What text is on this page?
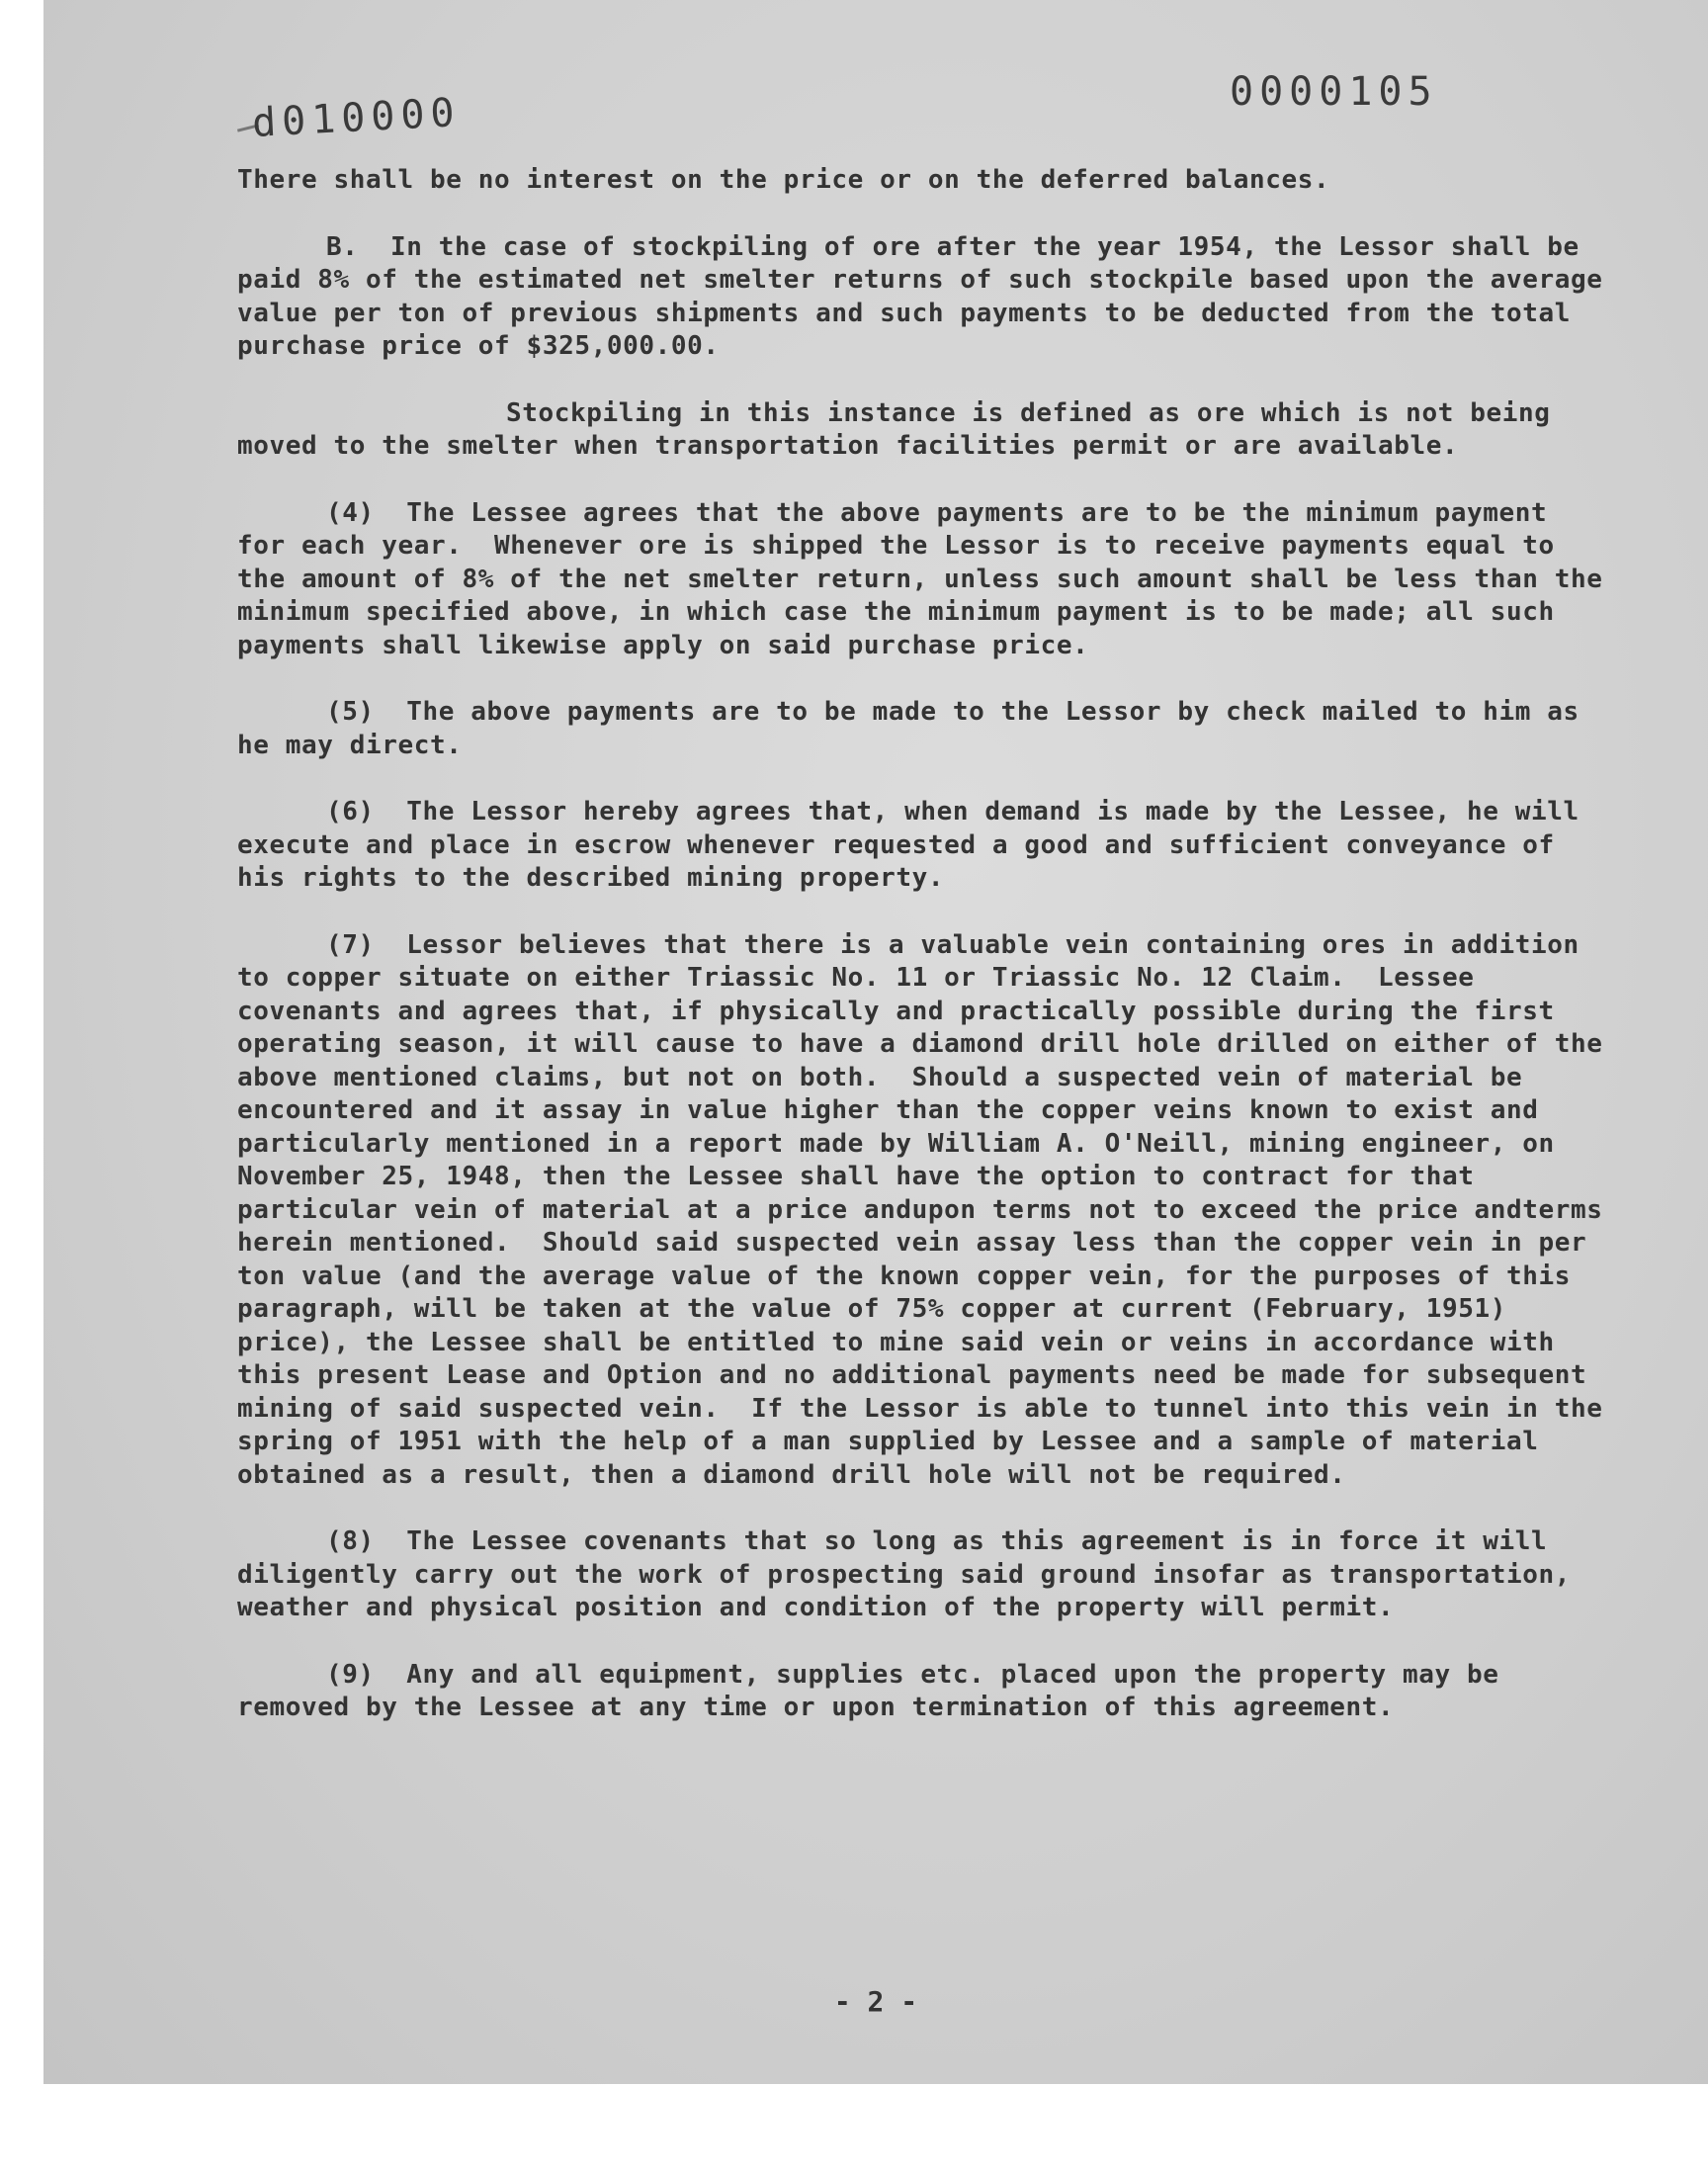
0000105
d010000

There shall be no interest on the price or on the deferred balances.

B.  In the case of stockpiling of ore after the year 1954, the Lessor shall be paid 8% of the estimated net smelter returns of such stockpile based upon the average value per ton of previous shipments and such payments to be deducted from the total purchase price of $325,000.00.

Stockpiling in this instance is defined as ore which is not being moved to the smelter when transportation facilities permit or are available.

(4)  The Lessee agrees that the above payments are to be the minimum payment for each year.  Whenever ore is shipped the Lessor is to receive payments equal to the amount of 8% of the net smelter return, unless such amount shall be less than the minimum specified above, in which case the minimum payment is to be made; all such payments shall likewise apply on said purchase price.

(5)  The above payments are to be made to the Lessor by check mailed to him as he may direct.

(6)  The Lessor hereby agrees that, when demand is made by the Lessee, he will execute and place in escrow whenever requested a good and sufficient conveyance of his rights to the described mining property.

(7)  Lessor believes that there is a valuable vein containing ores in addition to copper situate on either Triassic No. 11 or Triassic No. 12 Claim.  Lessee covenants and agrees that, if physically and practically possible during the first operating season, it will cause to have a diamond drill hole drilled on either of the above mentioned claims, but not on both.  Should a suspected vein of material be encountered and it assay in value higher than the copper veins known to exist and particularly mentioned in a report made by William A. O'Neill, mining engineer, on November 25, 1948, then the Lessee shall have the option to contract for that particular vein of material at a price andupon terms not to exceed the price andterms herein mentioned.  Should said suspected vein assay less than the copper vein in per ton value (and the average value of the known copper vein, for the purposes of this paragraph, will be taken at the value of 75% copper at current (February, 1951) price), the Lessee shall be entitled to mine said vein or veins in accordance with this present Lease and Option and no additional payments need be made for subsequent mining of said suspected vein.  If the Lessor is able to tunnel into this vein in the spring of 1951 with the help of a man supplied by Lessee and a sample of material obtained as a result, then a diamond drill hole will not be required.

(8)  The Lessee covenants that so long as this agreement is in force it will diligently carry out the work of prospecting said ground insofar as transportation, weather and physical position and condition of the property will permit.

(9)  Any and all equipment, supplies etc. placed upon the property may be removed by the Lessee at any time or upon termination of this agreement.

- 2 -
